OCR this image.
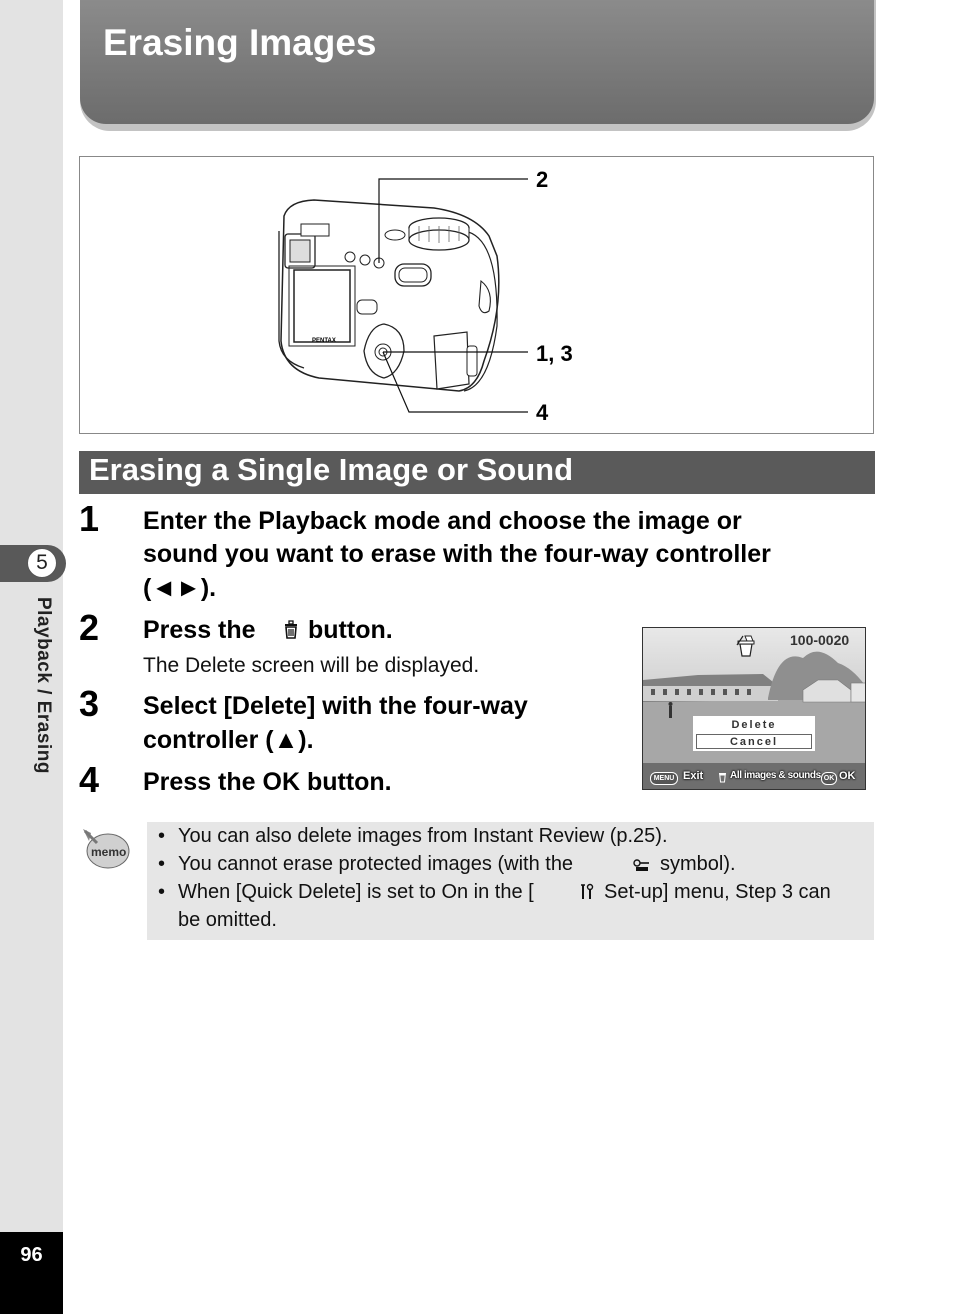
5
Playback / Erasing
96
Erasing Images
PENTAX
2
1, 3
4
Erasing a Single Image or Sound
1 Enter the Playback mode and choose the image or
sound you want to erase with the four-way controller
(◄►).
2 Press the button.
The Delete screen will be displayed.
3 Select [Delete] with the four-way
controller (▲).
4 Press the OK button.
100-0020
Delete
Cancel
MENU Exit	All images & sounds OK OK
memo
• You can also delete images from Instant Review (p.25).
• You cannot erase protected images (with the	symbol).
• When [Quick Delete] is set to On in the [	Set-up] menu, Step 3 can
be omitted.
